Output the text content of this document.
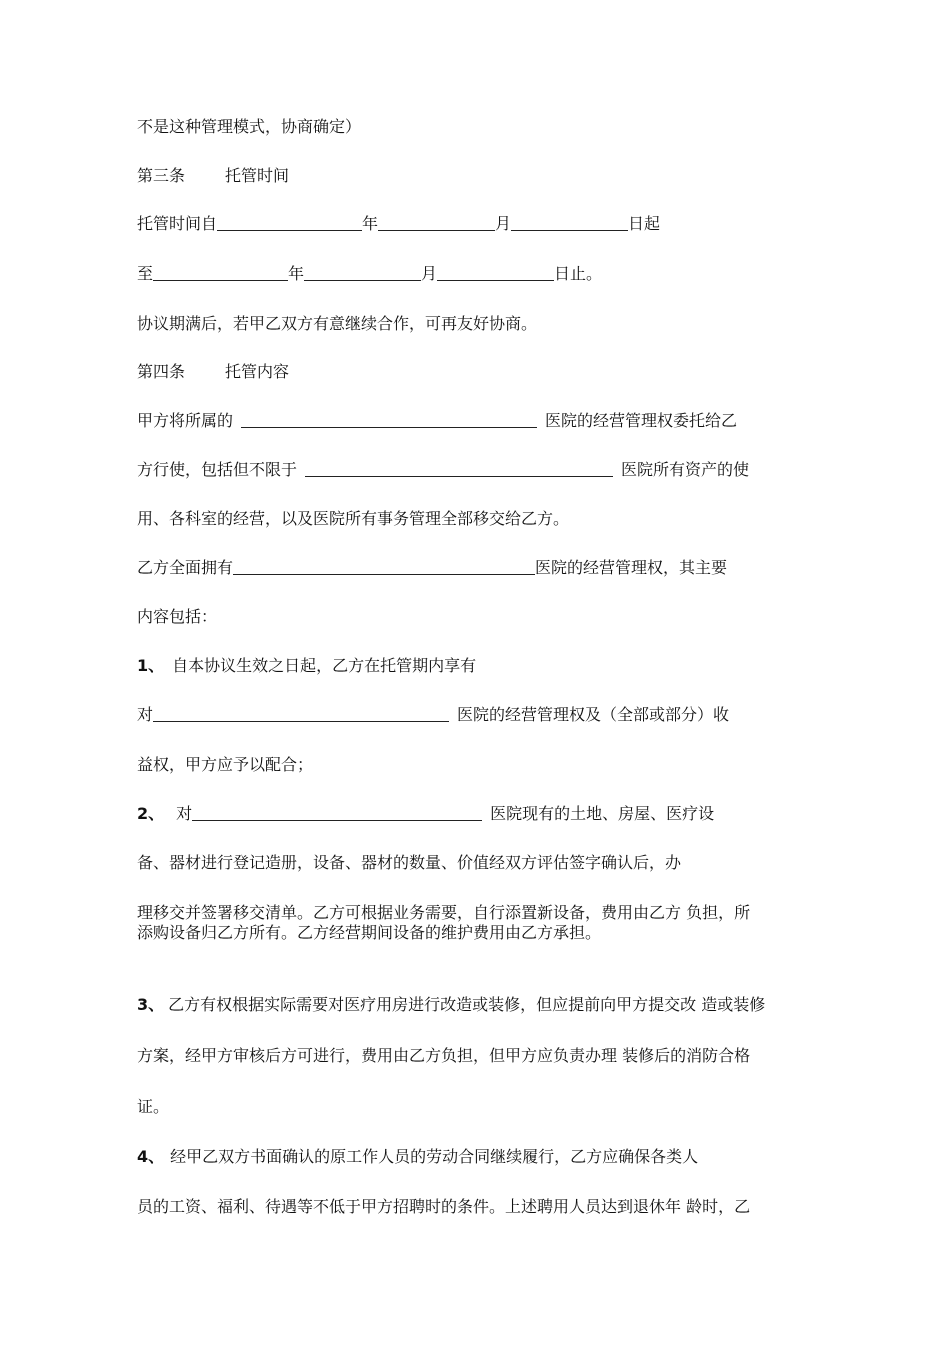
不是这种管理模式，协商确定）
第三条	托管时间
托管时间自	年	月	日起
至	年	月	日止。
协议期满后，若甲乙双方有意继续合作，可再友好协商。
第四条	托管内容
甲方将所属的	医院的经营管理权委托给乙
方行使，包括但不限于	医院所有资产的使
用、各科室的经营，以及医院所有事务管理全部移交给乙方。
乙方全面拥有	医院的经营管理权，其主要
内容包括：
1、 自本协议生效之日起，乙方在托管期内享有
对	医院的经营管理权及（全部或部分）收
益权，甲方应予以配合；
2、 对	医院现有的土地、房屋、医疗设
备、器材进行登记造册，设备、器材的数量、价值经双方评估签字确认后，办
理移交并签署移交清单。乙方可根据业务需要，自行添置新设备，费用由乙方 负担，所
添购设备归乙方所有。乙方经营期间设备的维护费用由乙方承担。
3、 乙方有权根据实际需要对医疗用房进行改造或装修，但应提前向甲方提交改 造或装修
方案，经甲方审核后方可进行，费用由乙方负担，但甲方应负责办理 装修后的消防合格
证。
4、 经甲乙双方书面确认的原工作人员的劳动合同继续履行，乙方应确保各类人
员的工资、福利、待遇等不低于甲方招聘时的条件。上述聘用人员达到退休年 龄时，乙
